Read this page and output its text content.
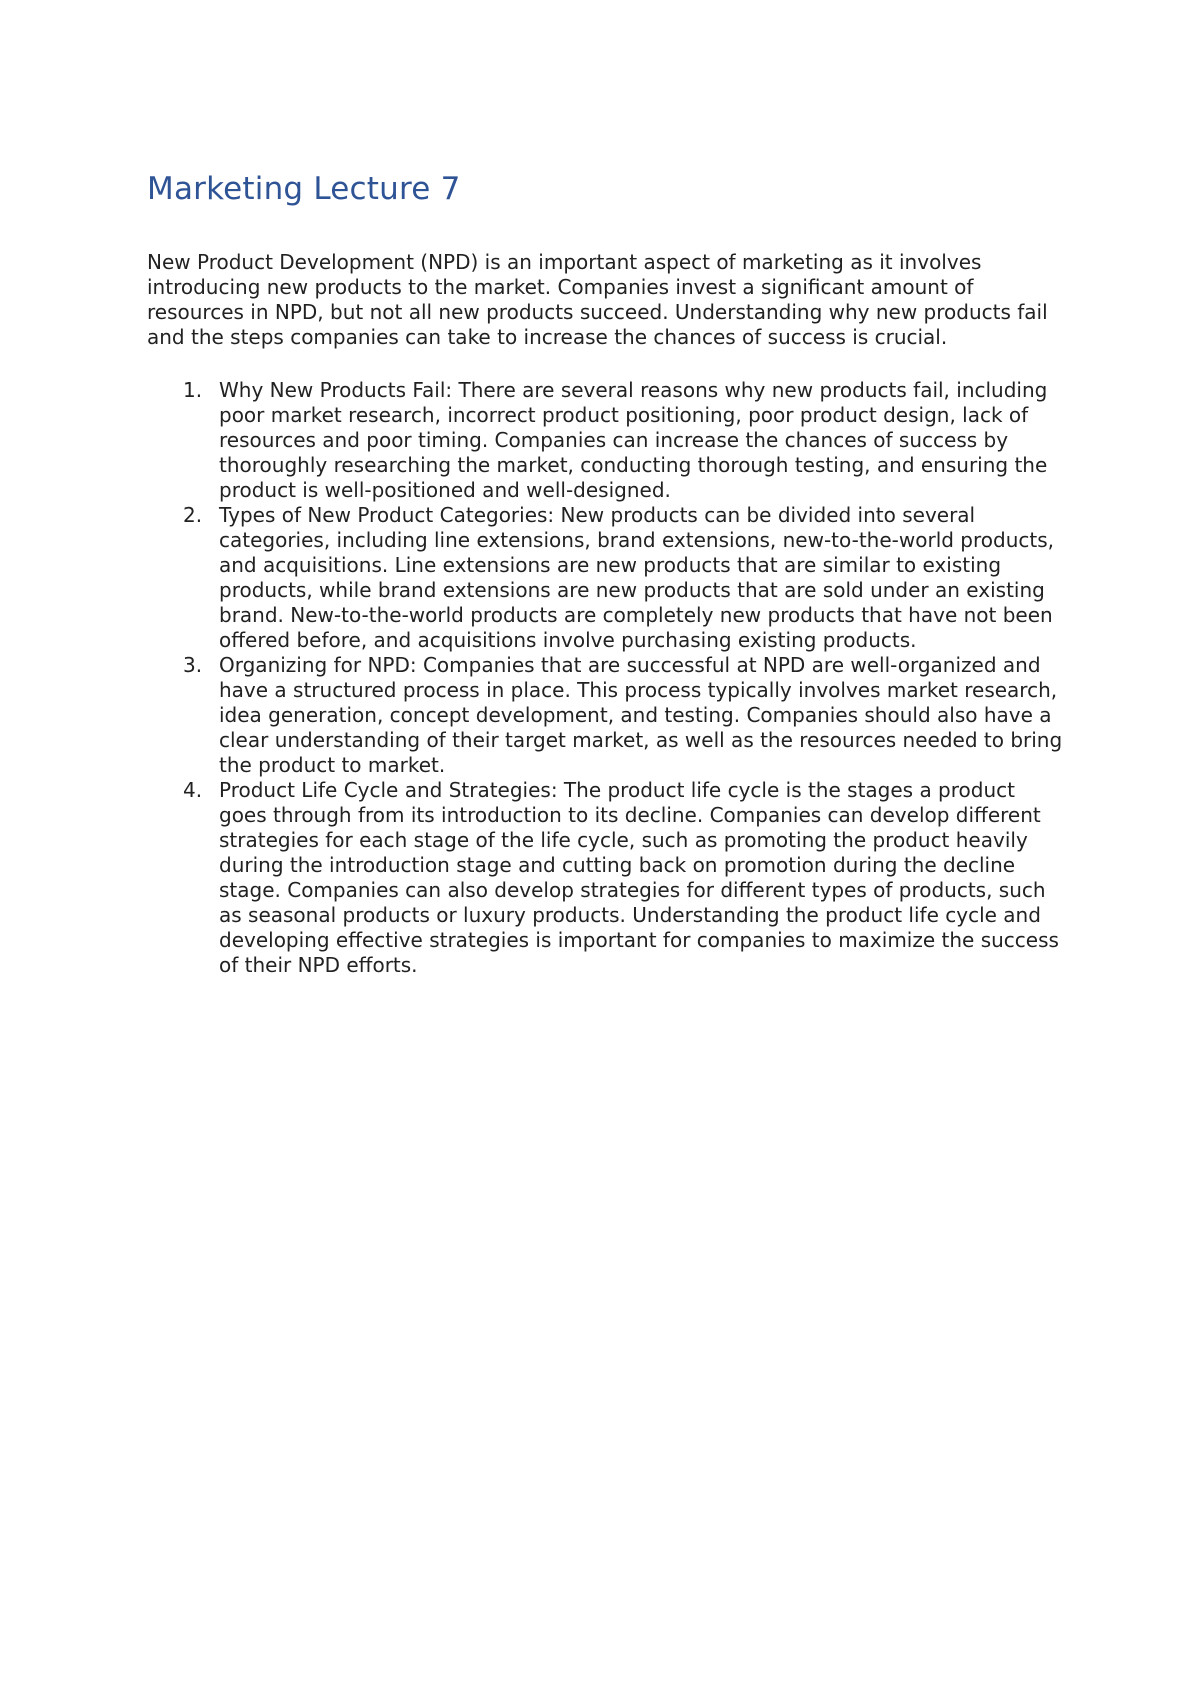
Marketing Lecture 7

New Product Development (NPD) is an important aspect of marketing as it involves introducing new products to the market. Companies invest a significant amount of resources in NPD, but not all new products succeed. Understanding why new products fail and the steps companies can take to increase the chances of success is crucial.

1. Why New Products Fail: There are several reasons why new products fail, including poor market research, incorrect product positioning, poor product design, lack of resources and poor timing. Companies can increase the chances of success by thoroughly researching the market, conducting thorough testing, and ensuring the product is well-positioned and well-designed.
2. Types of New Product Categories: New products can be divided into several categories, including line extensions, brand extensions, new-to-the-world products, and acquisitions. Line extensions are new products that are similar to existing products, while brand extensions are new products that are sold under an existing brand. New-to-the-world products are completely new products that have not been offered before, and acquisitions involve purchasing existing products.
3. Organizing for NPD: Companies that are successful at NPD are well-organized and have a structured process in place. This process typically involves market research, idea generation, concept development, and testing. Companies should also have a clear understanding of their target market, as well as the resources needed to bring the product to market.
4. Product Life Cycle and Strategies: The product life cycle is the stages a product goes through from its introduction to its decline. Companies can develop different strategies for each stage of the life cycle, such as promoting the product heavily during the introduction stage and cutting back on promotion during the decline stage. Companies can also develop strategies for different types of products, such as seasonal products or luxury products. Understanding the product life cycle and developing effective strategies is important for companies to maximize the success of their NPD efforts.
